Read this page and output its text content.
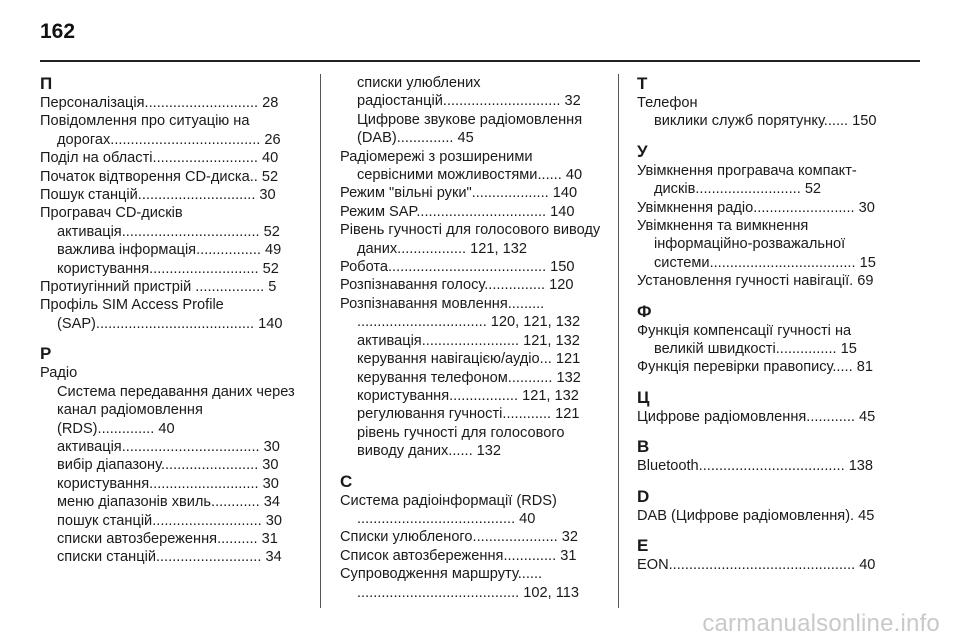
162
П
Персоналізація............................ 28
Повідомлення про ситуацію на дорогах..................................... 26
Поділ на області.......................... 40
Початок відтворення CD-диска.. 52
Пошук станцій............................. 30
Програвач CD-дисків
активація.................................. 52
важлива інформація................ 49
користування........................... 52
Протиугінний пристрій ................. 5
Профіль SIM Access Profile (SAP)....................................... 140
Р
Радіо
Система передавання даних через канал радіомовлення (RDS).............. 40
активація.................................. 30
вибір діапазону........................ 30
користування........................... 30
меню діапазонів хвиль............ 34
пошук станцій........................... 30
списки автозбереження.......... 31
списки станцій.......................... 34
списки улюблених радіостанцій............................. 32
Цифрове звукове радіомовлення (DAB).............. 45
Радіомережі з розширеними сервісними можливостями...... 40
Режим "вільні руки"................... 140
Режим SAP................................ 140
Рівень гучності для голосового виводу даних................. 121, 132
Робота....................................... 150
Розпізнавання голосу............... 120
Розпізнавання мовлення......... ................................ 120, 121, 132
активація........................ 121, 132
керування навігацією/аудіо... 121
керування телефоном........... 132
користування................. 121, 132
регулювання гучності............ 121
рівень гучності для голосового виводу даних...... 132
С
Система радіоінформації (RDS) ....................................... 40
Списки улюбленого..................... 32
Список автозбереження............. 31
Супроводження маршруту...... ........................................ 102, 113
Т
Телефон
виклики служб порятунку...... 150
У
Увімкнення програвача компакт-дисків.......................... 52
Увімкнення радіо......................... 30
Увімкнення та вимкнення інформаційно-розважальної системи.................................... 15
Установлення гучності навігації. 69
Ф
Функція компенсації гучності на великій швидкості............... 15
Функція перевірки правопису..... 81
Ц
Цифрове радіомовлення............ 45
B
Bluetooth.................................... 138
D
DAB (Цифрове радіомовлення). 45
E
EON.............................................. 40
carmanualsonline.info
